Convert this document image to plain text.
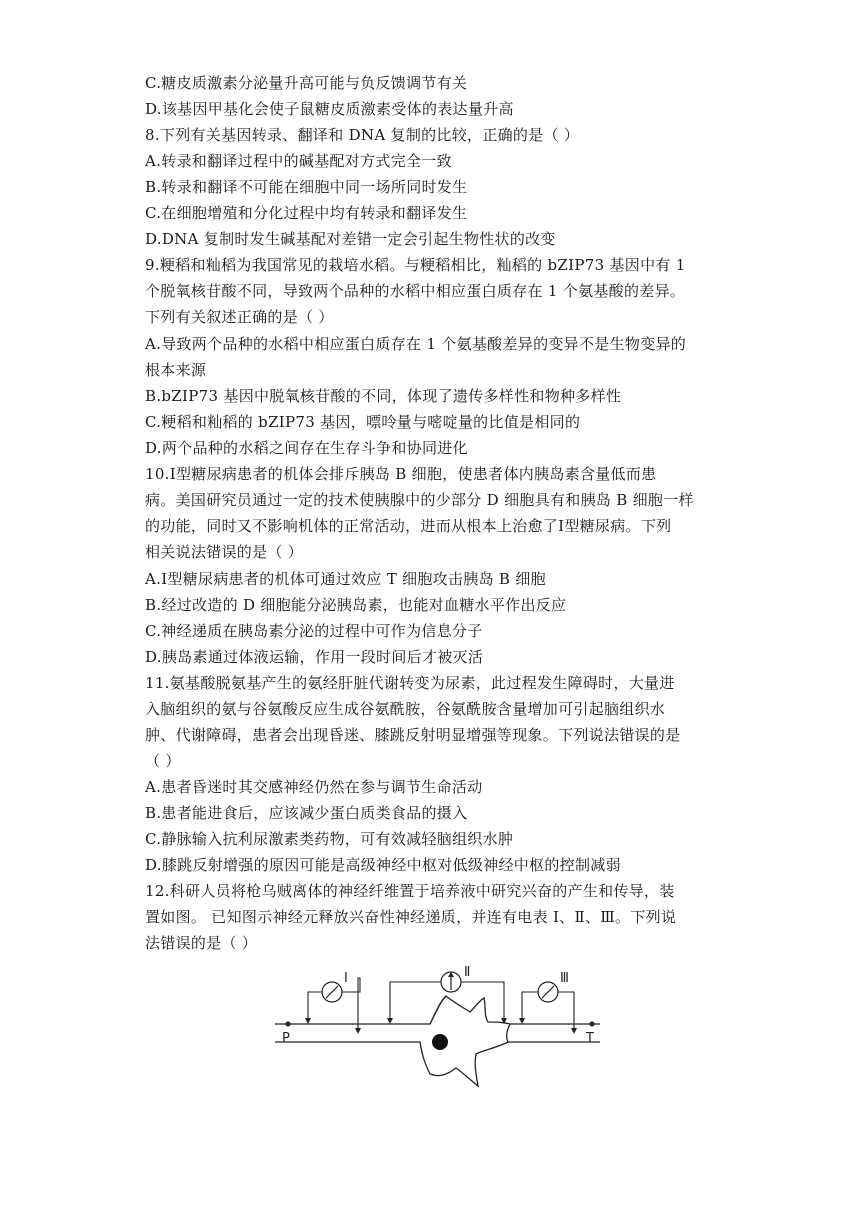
C.糖皮质激素分泌量升高可能与负反馈调节有关
D.该基因甲基化会使子鼠糖皮质激素受体的表达量升高
8.下列有关基因转录、翻译和 DNA 复制的比较，正确的是（ ）
A.转录和翻译过程中的碱基配对方式完全一致
B.转录和翻译不可能在细胞中同一场所同时发生
C.在细胞增殖和分化过程中均有转录和翻译发生
D.DNA 复制时发生碱基配对差错一定会引起生物性状的改变
9.粳稻和籼稻为我国常见的栽培水稻。与粳稻相比，籼稻的 bZIP73 基因中有 1
个脱氧核苷酸不同，导致两个品种的水稻中相应蛋白质存在 1 个氨基酸的差异。
下列有关叙述正确的是（ ）
A.导致两个品种的水稻中相应蛋白质存在 1 个氨基酸差异的变异不是生物变异的
根本来源
B.bZIP73 基因中脱氧核苷酸的不同，体现了遗传多样性和物种多样性
C.粳稻和籼稻的 bZIP73 基因，嘌呤量与嘧啶量的比值是相同的
D.两个品种的水稻之间存在生存斗争和协同进化
10.Ⅰ型糖尿病患者的机体会排斥胰岛 B 细胞，使患者体内胰岛素含量低而患
病。美国研究员通过一定的技术使胰腺中的少部分 D 细胞具有和胰岛 B 细胞一样
的功能，同时又不影响机体的正常活动，进而从根本上治愈了Ⅰ型糖尿病。下列
相关说法错误的是（ ）
A.Ⅰ型糖尿病患者的机体可通过效应 T 细胞攻击胰岛 B 细胞
B.经过改造的 D 细胞能分泌胰岛素，也能对血糖水平作出反应
C.神经递质在胰岛素分泌的过程中可作为信息分子
D.胰岛素通过体液运输，作用一段时间后才被灭活
11.氨基酸脱氨基产生的氨经肝脏代谢转变为尿素，此过程发生障碍时，大量进
入脑组织的氨与谷氨酸反应生成谷氨酰胺，谷氨酰胺含量增加可引起脑组织水
肿、代谢障碍，患者会出现昏迷、膝跳反射明显增强等现象。下列说法错误的是
（ ）
A.患者昏迷时其交感神经仍然在参与调节生命活动
B.患者能进食后，应该减少蛋白质类食品的摄入
C.静脉输入抗利尿激素类药物，可有效减轻脑组织水肿
D.膝跳反射增强的原因可能是高级神经中枢对低级神经中枢的控制减弱
12.科研人员将枪乌贼离体的神经纤维置于培养液中研究兴奋的产生和传导，装
置如图。 已知图示神经元释放兴奋性神经递质，并连有电表 I、Ⅱ、Ⅲ。下列说
法错误的是（ ）
I	Ⅱ	Ⅲ
P	T
